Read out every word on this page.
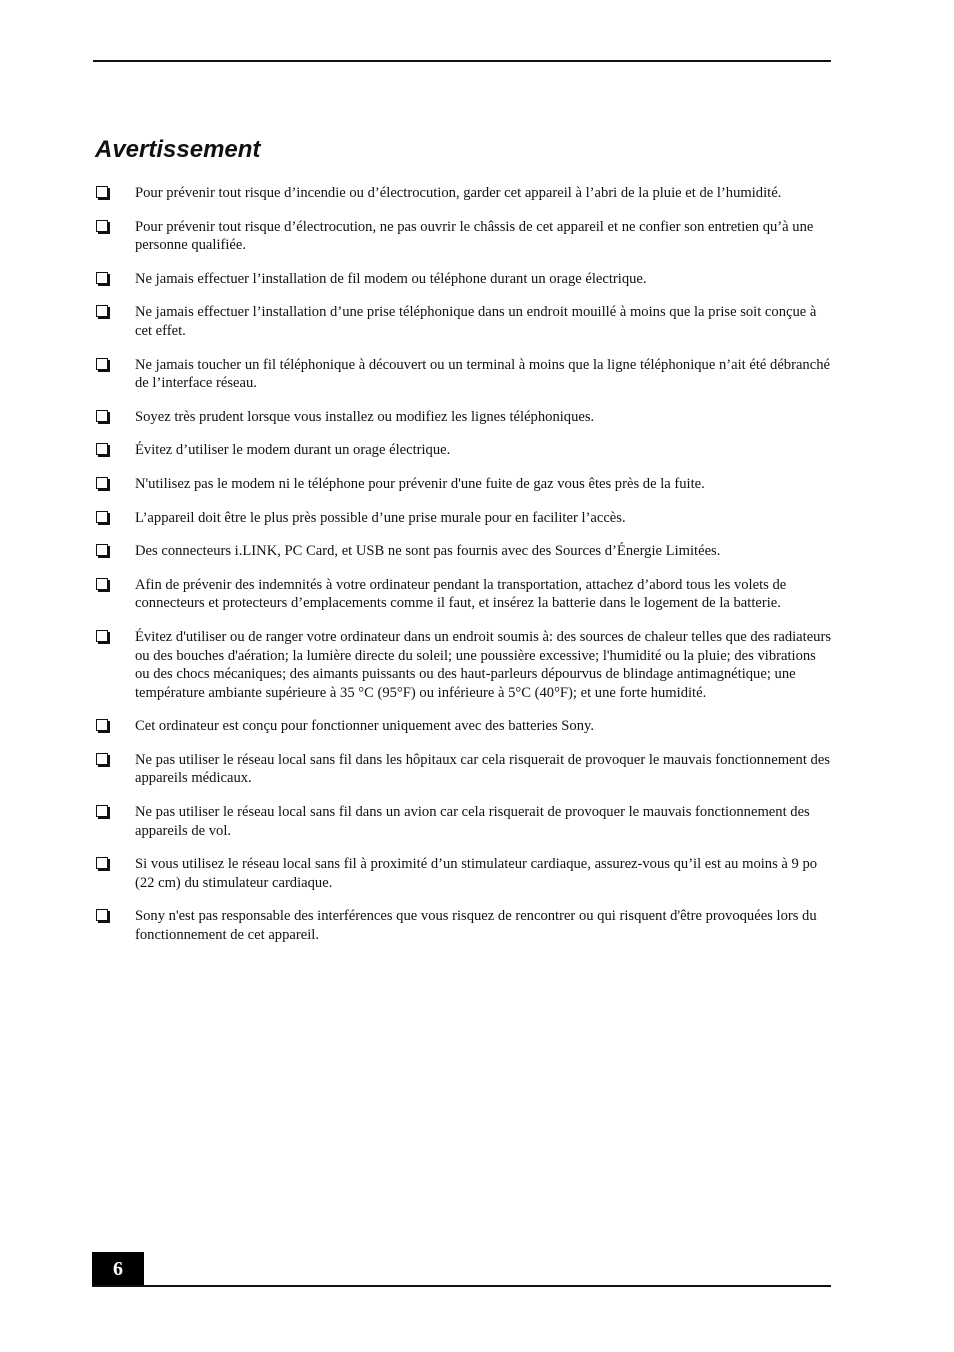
Avertissement
Pour prévenir tout risque d’incendie ou d’électrocution, garder cet appareil à l’abri de la pluie et de l’humidité.
Pour prévenir tout risque d’électrocution, ne pas ouvrir le châssis de cet appareil et ne confier son entretien qu’à une personne qualifiée.
Ne jamais effectuer l’installation de fil modem ou téléphone durant un orage électrique.
Ne jamais effectuer l’installation d’une prise téléphonique dans un endroit mouillé à moins que la prise soit conçue à cet effet.
Ne jamais toucher un fil téléphonique à découvert ou un terminal à moins que la ligne téléphonique n’ait été débranché de l’interface réseau.
Soyez très prudent lorsque vous installez ou modifiez les lignes téléphoniques.
Évitez d’utiliser le modem durant un orage électrique.
N'utilisez pas le modem ni le téléphone pour prévenir d'une fuite de gaz vous êtes près de la fuite.
L’appareil doit être le plus près possible d’une prise murale pour en faciliter l’accès.
Des connecteurs i.LINK, PC Card, et USB ne sont pas fournis avec des Sources d’Énergie Limitées.
Afin de prévenir des indemnités à votre ordinateur pendant la transportation, attachez d’abord tous les volets de connecteurs et protecteurs d’emplacements comme il faut, et insérez la batterie dans le logement de la batterie.
Évitez d'utiliser ou de ranger votre ordinateur dans un endroit soumis à: des sources de chaleur telles que des radiateurs ou des bouches d'aération; la lumière directe du soleil; une poussière excessive; l'humidité ou la pluie; des vibrations ou des chocs mécaniques; des aimants puissants ou des haut-parleurs dépourvus de blindage antimagnétique; une température ambiante supérieure à 35 °C (95°F) ou inférieure à 5°C (40°F); et une forte humidité.
Cet ordinateur est conçu pour fonctionner uniquement avec des batteries Sony.
Ne pas utiliser le réseau local sans fil dans les hôpitaux car cela risquerait de provoquer le mauvais fonctionnement des appareils médicaux.
Ne pas utiliser le réseau local sans fil dans un avion car cela risquerait de provoquer le mauvais fonctionnement des appareils de vol.
Si vous utilisez le réseau local sans fil à proximité d’un stimulateur cardiaque, assurez-vous qu’il est au moins à 9 po (22 cm) du stimulateur cardiaque.
Sony n'est pas responsable des interférences que vous risquez de rencontrer ou qui risquent d'être provoquées lors du fonctionnement de cet appareil.
6
